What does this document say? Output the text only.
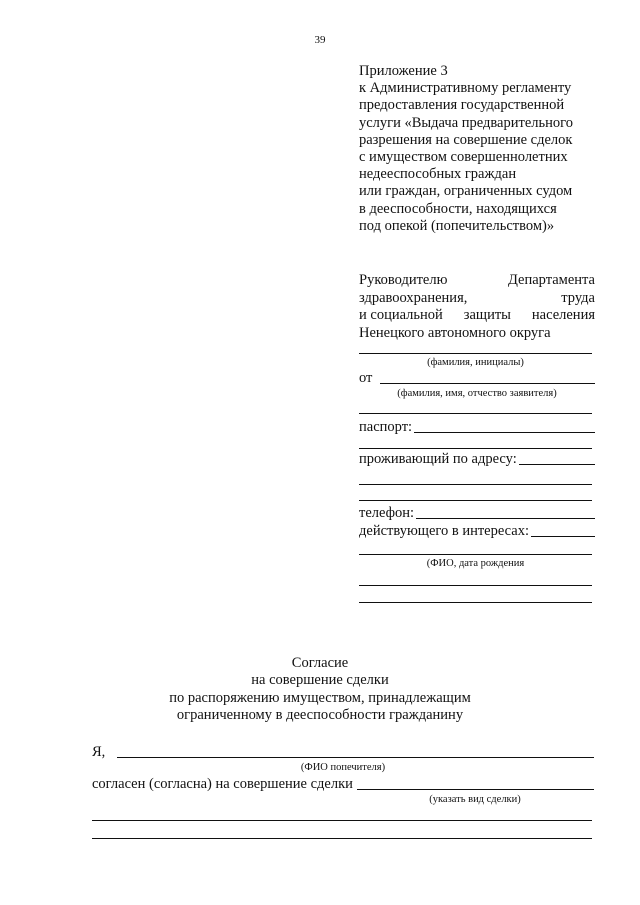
39
Приложение 3
к Административному регламенту
предоставления государственной
услуги «Выдача предварительного
разрешения на совершение сделок
с имуществом совершеннолетних
недееспособных граждан
или граждан, ограниченных судом
в дееспособности, находящихся
под опекой (попечительством)»
Руководителю	Департамента
здравоохранения,	труда
и социальной защиты населения
Ненецкого автономного округа
(фамилия, инициалы)
от
(фамилия, имя, отчество заявителя)
паспорт:
проживающий по адресу:
телефон:
действующего в интересах:
(ФИО, дата рождения
Согласие
на совершение сделки
по распоряжению имуществом, принадлежащим
ограниченному в дееспособности гражданину
Я,
(ФИО попечителя)
согласен (согласна) на совершение сделки
(указать вид сделки)
